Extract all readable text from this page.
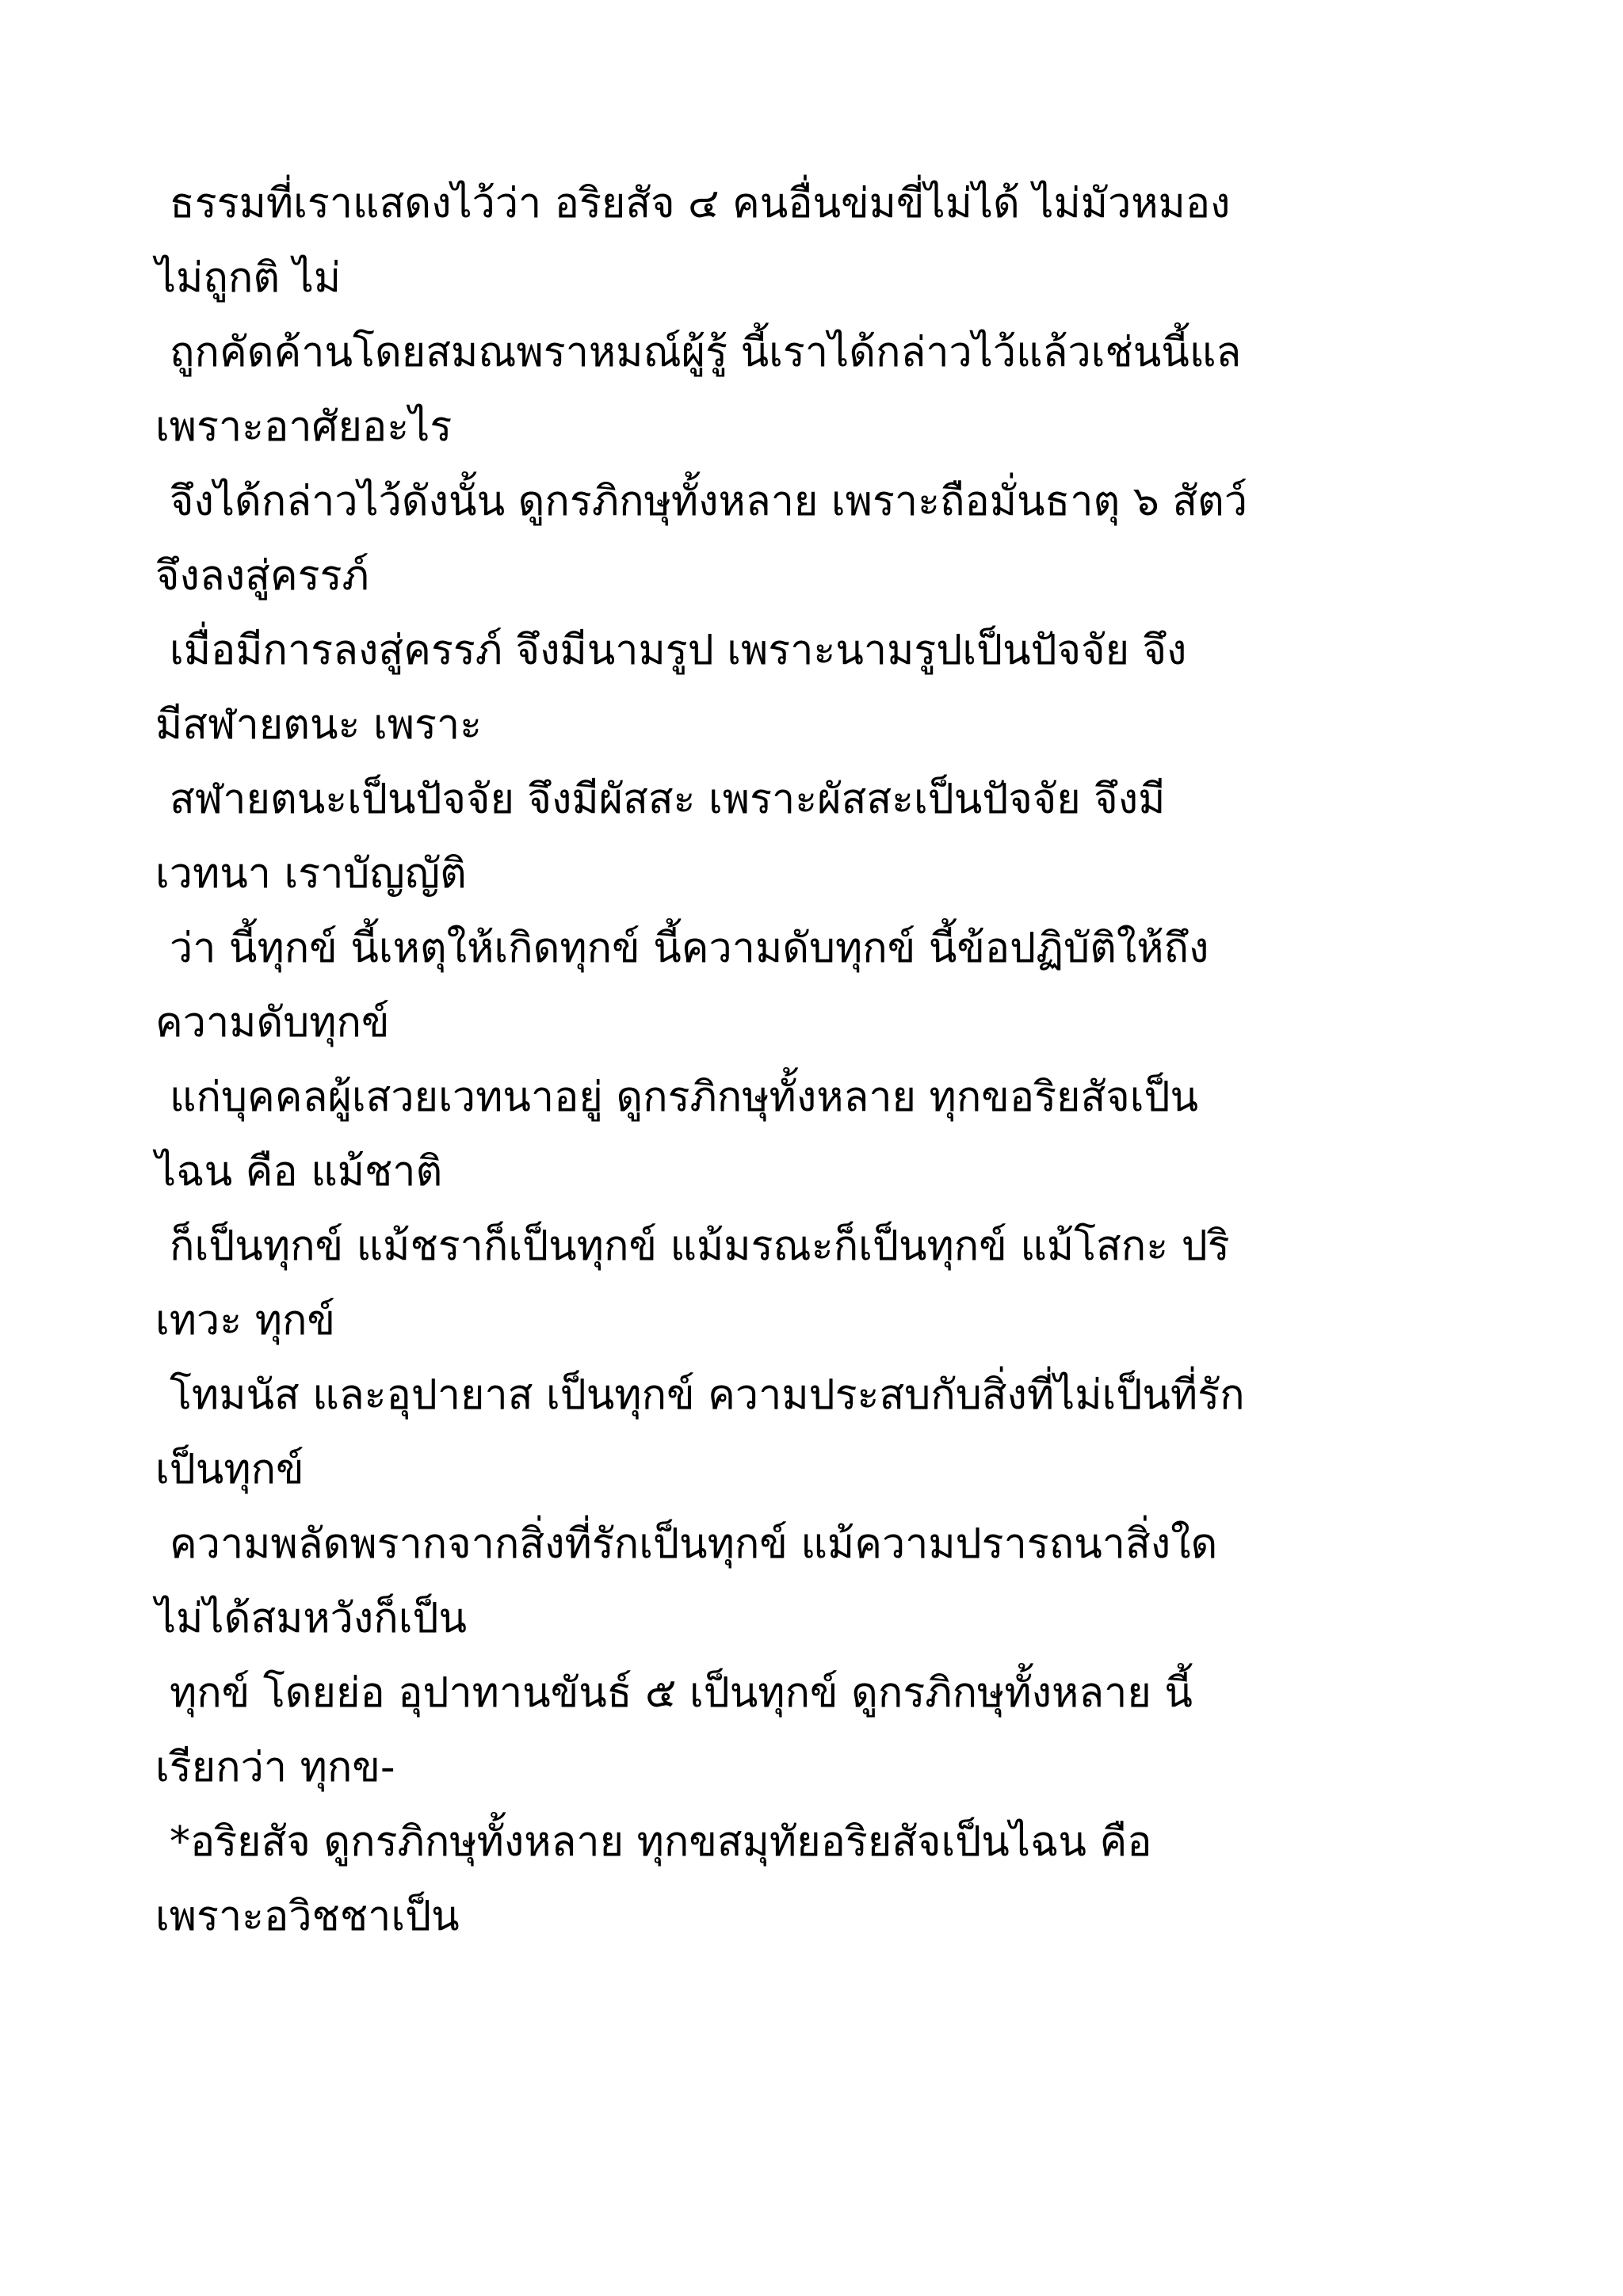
ธรรมที่เราแสดงไว้ว่า อริยสัจ ๔ คนอื่นข่มขี่ไม่ได้ ไม่มัวหมอง
ไม่ถูกติ ไม่
ถูกคัดค้านโดยสมณพราหมณ์ผู้รู้ นี้เราได้กล่าวไว้แล้วเช่นนี้แล
เพราะอาศัยอะไร
จึงได้กล่าวไว้ดังนั้น ดูกรภิกษุทั้งหลาย เพราะถือมั่นธาตุ ๖ สัตว์
จึงลงสู่ครรภ์
เมื่อมีการลงสู่ครรภ์ จึงมีนามรูป เพราะนามรูปเป็นปัจจัย จึง
มีสฬายตนะ เพราะ
สฬายตนะเป็นปัจจัย จึงมีผัสสะ เพราะผัสสะเป็นปัจจัย จึงมี
เวทนา เราบัญญัติ
ว่า นี้ทุกข์ นี้เหตุให้เกิดทุกข์ นี้ความดับทุกข์ นี้ข้อปฏิบัติให้ถึง
ความดับทุกข์
แก่บุคคลผู้เสวยเวทนาอยู่ ดูกรภิกษุทั้งหลาย ทุกขอริยสัจเป็น
ไฉน คือ แม้ชาติ
ก็เป็นทุกข์ แม้ชราก็เป็นทุกข์ แม้มรณะก็เป็นทุกข์ แม้โสกะ ปริ
เทวะ ทุกข์
โทมนัส และอุปายาส เป็นทุกข์ ความประสบกับสิ่งที่ไม่เป็นที่รัก
เป็นทุกข์
ความพลัดพรากจากสิ่งที่รักเป็นทุกข์ แม้ความปรารถนาสิ่งใด
ไม่ได้สมหวังก็เป็น
ทุกข์ โดยย่อ อุปาทานขันธ์ ๕ เป็นทุกข์ ดูกรภิกษุทั้งหลาย นี้
เรียกว่า ทุกข-
*อริยสัจ ดูกรภิกษุทั้งหลาย ทุกขสมุทัยอริยสัจเป็นไฉน คือ
เพราะอวิชชาเป็น
